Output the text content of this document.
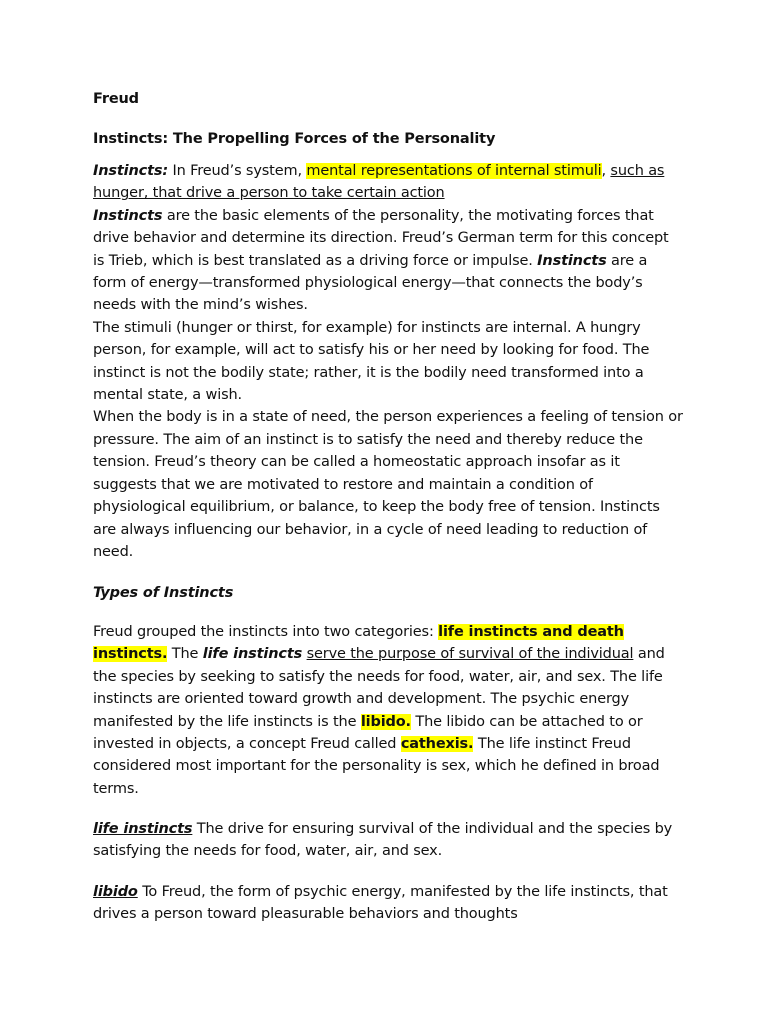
Freud

Instincts: The Propelling Forces of the Personality

Instincts: In Freud’s system, mental representations of internal stimuli, such as hunger, that drive a person to take certain action

Instincts are the basic elements of the personality, the motivating forces that drive behavior and determine its direction. Freud’s German term for this concept is Trieb, which is best translated as a driving force or impulse. Instincts are a form of energy—transformed physiological energy—that connects the body’s needs with the mind’s wishes.

The stimuli (hunger or thirst, for example) for instincts are internal. A hungry person, for example, will act to satisfy his or her need by looking for food. The instinct is not the bodily state; rather, it is the bodily need transformed into a mental state, a wish.

When the body is in a state of need, the person experiences a feeling of tension or pressure. The aim of an instinct is to satisfy the need and thereby reduce the tension. Freud’s theory can be called a homeostatic approach insofar as it suggests that we are motivated to restore and maintain a condition of physiological equilibrium, or balance, to keep the body free of tension. Instincts are always influencing our behavior, in a cycle of need leading to reduction of need.

Types of Instincts

Freud grouped the instincts into two categories: life instincts and death instincts. The life instincts serve the purpose of survival of the individual and the species by seeking to satisfy the needs for food, water, air, and sex. The life instincts are oriented toward growth and development. The psychic energy manifested by the life instincts is the libido. The libido can be attached to or invested in objects, a concept Freud called cathexis. The life instinct Freud considered most important for the personality is sex, which he defined in broad terms.

life instincts The drive for ensuring survival of the individual and the species by satisfying the needs for food, water, air, and sex.

libido To Freud, the form of psychic energy, manifested by the life instincts, that drives a person toward pleasurable behaviors and thoughts
